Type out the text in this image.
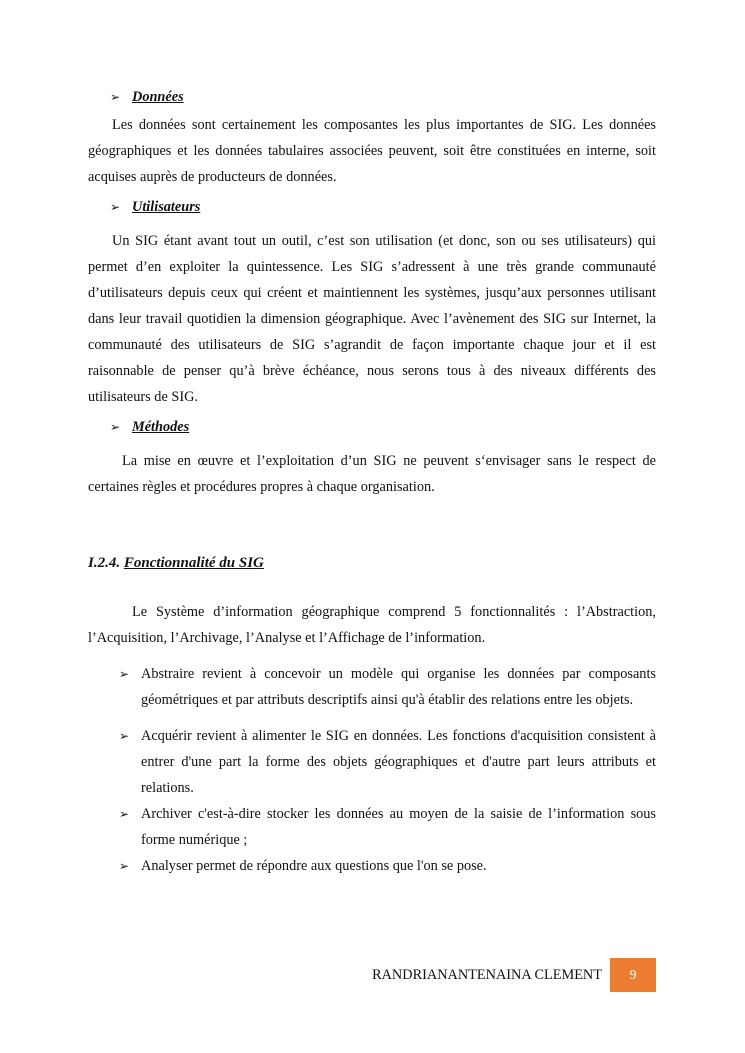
➢ Données

Les données sont certainement les composantes les plus importantes de SIG. Les données géographiques et les données tabulaires associées peuvent, soit être constituées en interne, soit acquises auprès de producteurs de données.

➢ Utilisateurs

Un SIG étant avant tout un outil, c’est son utilisation (et donc, son ou ses utilisateurs) qui permet d’en exploiter la quintessence. Les SIG s’adressent à une très grande communauté d’utilisateurs depuis ceux qui créent et maintiennent les systèmes, jusqu’aux personnes utilisant dans leur travail quotidien la dimension géographique. Avec l’avènement des SIG sur Internet, la communauté des utilisateurs de SIG s’agrandit de façon importante chaque jour et il est raisonnable de penser qu’à brève échéance, nous serons tous à des niveaux différents des utilisateurs de SIG.

➢ Méthodes

La mise en œuvre et l’exploitation d’un SIG ne peuvent s‘envisager sans le respect de certaines règles et procédures propres à chaque organisation.

I.2.4. Fonctionnalité du SIG

Le Système d’information géographique comprend 5 fonctionnalités : l’Abstraction, l’Acquisition, l’Archivage, l’Analyse et l’Affichage de l’information.

➢ Abstraire revient à concevoir un modèle qui organise les données par composants géométriques et par attributs descriptifs ainsi qu'à établir des relations entre les objets.

➢ Acquérir revient à alimenter le SIG en données. Les fonctions d'acquisition consistent à entrer d'une part la forme des objets géographiques et d'autre part leurs attributs et relations.

➢ Archiver c'est-à-dire stocker les données au moyen de la saisie de l’information sous forme numérique ;

➢ Analyser permet de répondre aux questions que l'on se pose.

RANDRIANANTENAINA CLEMENT	9
